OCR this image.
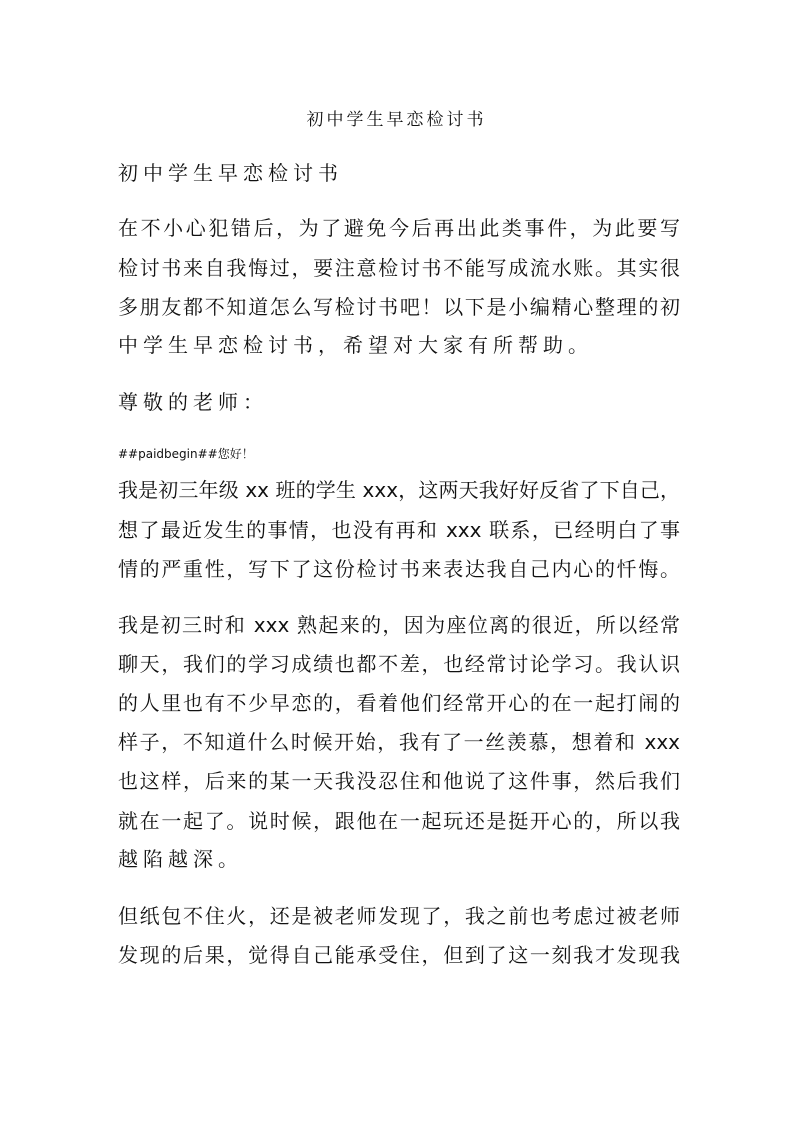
初中学生早恋检讨书
初中学生早恋检讨书
在不小心犯错后，为了避免今后再出此类事件，为此要写
检讨书来自我悔过，要注意检讨书不能写成流水账。其实很
多朋友都不知道怎么写检讨书吧！以下是小编精心整理的初
中学生早恋检讨书，希望对大家有所帮助。
尊敬的老师：
##paidbegin##您好！
我是初三年级 xx 班的学生 xxx，这两天我好好反省了下自己，
想了最近发生的事情，也没有再和 xxx 联系，已经明白了事
情的严重性，写下了这份检讨书来表达我自己内心的忏悔。
我是初三时和 xxx 熟起来的，因为座位离的很近，所以经常
聊天，我们的学习成绩也都不差，也经常讨论学习。我认识
的人里也有不少早恋的，看着他们经常开心的在一起打闹的
样子，不知道什么时候开始，我有了一丝羡慕，想着和 xxx
也这样，后来的某一天我没忍住和他说了这件事，然后我们
就在一起了。说时候，跟他在一起玩还是挺开心的，所以我
越陷越深。
但纸包不住火，还是被老师发现了，我之前也考虑过被老师
发现的后果，觉得自己能承受住，但到了这一刻我才发现我
